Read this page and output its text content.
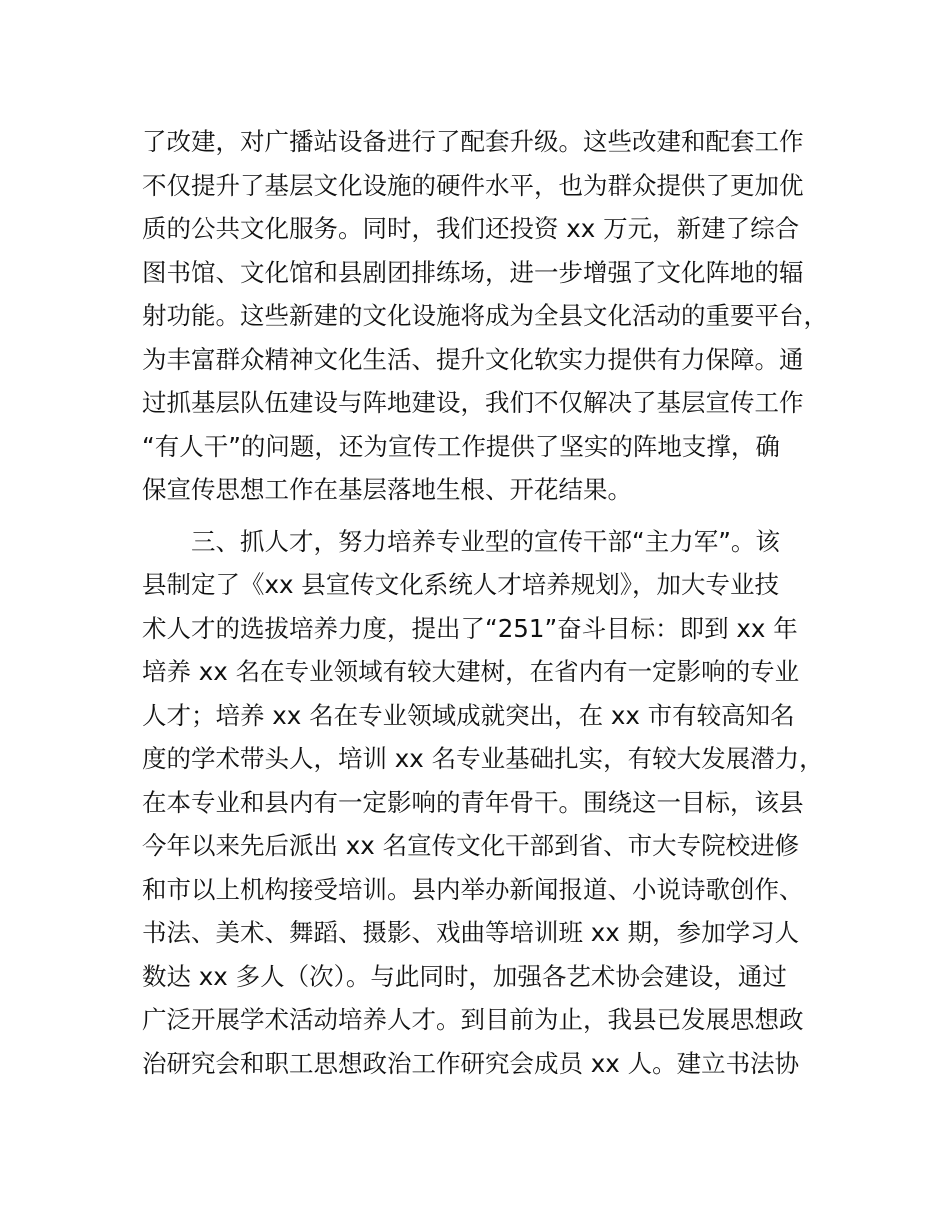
了改建，对广播站设备进行了配套升级。这些改建和配套工作
不仅提升了基层文化设施的硬件水平，也为群众提供了更加优
质的公共文化服务。同时，我们还投资 xx 万元，新建了综合
图书馆、文化馆和县剧团排练场，进一步增强了文化阵地的辐
射功能。这些新建的文化设施将成为全县文化活动的重要平台，
为丰富群众精神文化生活、提升文化软实力提供有力保障。通
过抓基层队伍建设与阵地建设，我们不仅解决了基层宣传工作
“有人干”的问题，还为宣传工作提供了坚实的阵地支撑，确
保宣传思想工作在基层落地生根、开花结果。
　　三、抓人才，努力培养专业型的宣传干部“主力军”。该
县制定了《xx 县宣传文化系统人才培养规划》，加大专业技
术人才的选拔培养力度，提出了“251”奋斗目标：即到 xx 年
培养 xx 名在专业领域有较大建树，在省内有一定影响的专业
人才；培养 xx 名在专业领域成就突出，在 xx 市有较高知名
度的学术带头人，培训 xx 名专业基础扎实，有较大发展潜力，
在本专业和县内有一定影响的青年骨干。围绕这一目标，该县
今年以来先后派出 xx 名宣传文化干部到省、市大专院校进修
和市以上机构接受培训。县内举办新闻报道、小说诗歌创作、
书法、美术、舞蹈、摄影、戏曲等培训班 xx 期，参加学习人
数达 xx 多人（次）。与此同时，加强各艺术协会建设，通过
广泛开展学术活动培养人才。到目前为止，我县已发展思想政
治研究会和职工思想政治工作研究会成员 xx 人。建立书法协
